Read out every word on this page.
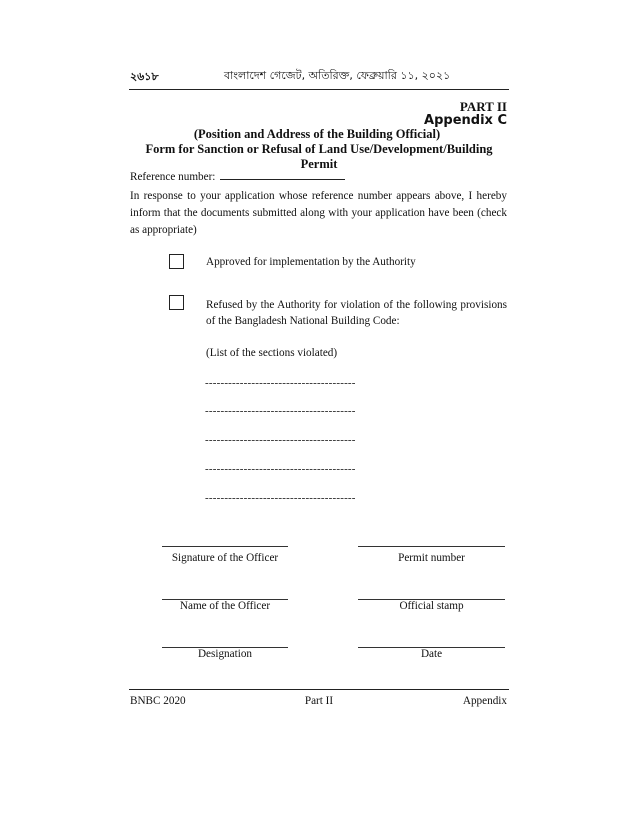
২৬১৮	বাংলাদেশ গেজেট, অতিরিক্ত, ফেব্রুয়ারি ১১, ২০২১
PART II
Appendix C
(Position and Address of the Building Official)
Form for Sanction or Refusal of Land Use/Development/Building Permit
Reference number:
In response to your application whose reference number appears above, I hereby inform that the documents submitted along with your application have been (check as appropriate)
Approved for implementation by the Authority
Refused by the Authority for violation of the following provisions of the Bangladesh National Building Code:
(List of the sections violated)
---------------------------------------
---------------------------------------
---------------------------------------
---------------------------------------
---------------------------------------
Signature of the Officer	Permit number
Name of the Officer	Official stamp
Designation	Date
BNBC 2020	Part II	Appendix
